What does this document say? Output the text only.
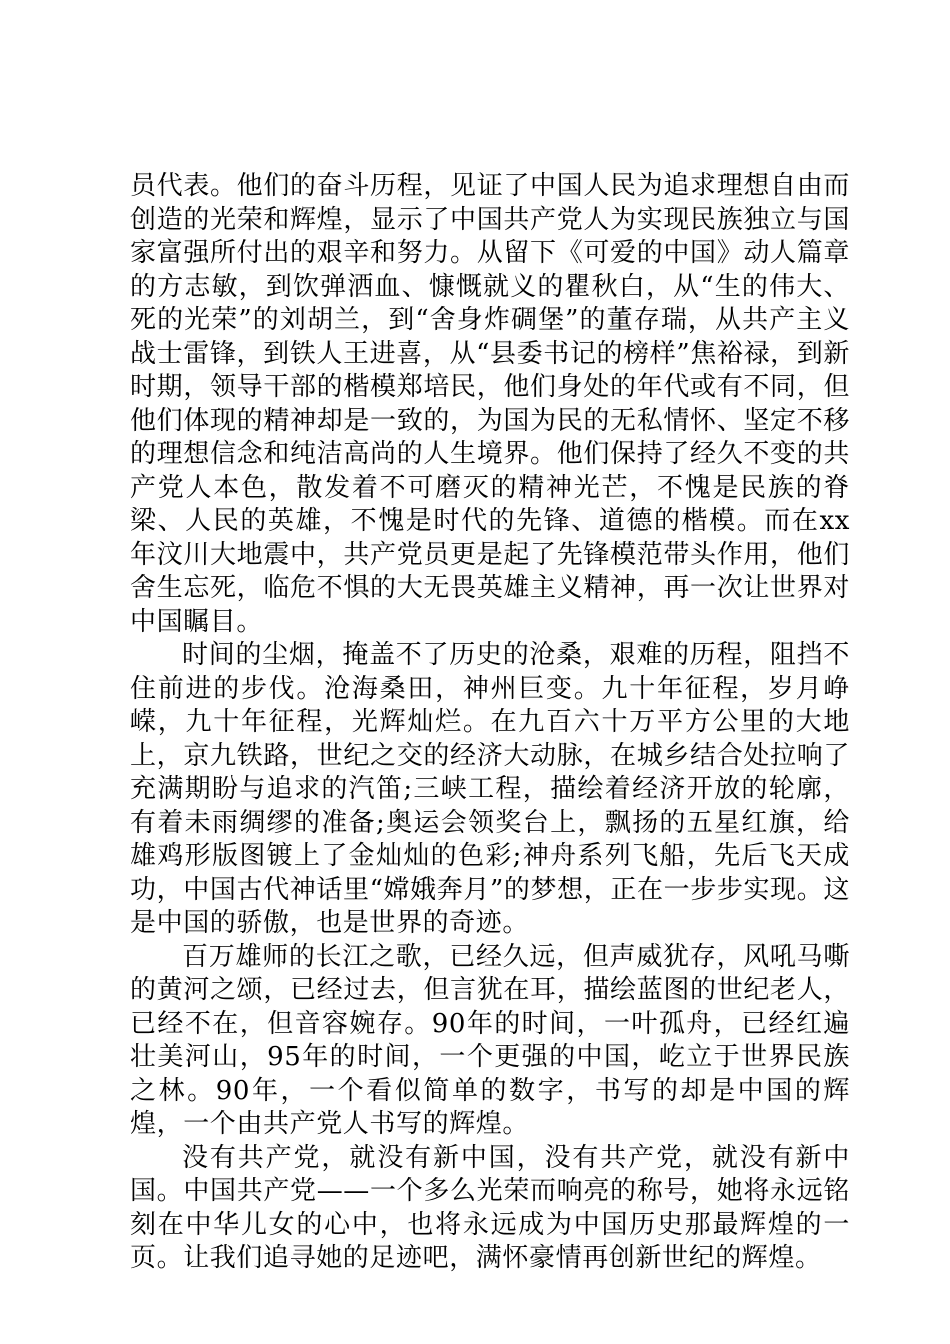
员代表。他们的奋斗历程，见证了中国人民为追求理想自由而创造的光荣和辉煌，显示了中国共产党人为实现民族独立与国家富强所付出的艰辛和努力。从留下《可爱的中国》动人篇章的方志敏，到饮弹洒血、慷慨就义的瞿秋白，从“生的伟大、死的光荣”的刘胡兰，到“舍身炸碉堡”的董存瑞，从共产主义战士雷锋，到铁人王进喜，从“县委书记的榜样”焦裕禄，到新时期，领导干部的楷模郑培民，他们身处的年代或有不同，但他们体现的精神却是一致的，为国为民的无私情怀、坚定不移的理想信念和纯洁高尚的人生境界。他们保持了经久不变的共产党人本色，散发着不可磨灭的精神光芒，不愧是民族的脊梁、人民的英雄，不愧是时代的先锋、道德的楷模。而在xx年汶川大地震中，共产党员更是起了先锋模范带头作用，他们舍生忘死，临危不惧的大无畏英雄主义精神，再一次让世界对中国瞩目。

时间的尘烟，掩盖不了历史的沧桑，艰难的历程，阻挡不住前进的步伐。沧海桑田，神州巨变。九十年征程，岁月峥嵘，九十年征程，光辉灿烂。在九百六十万平方公里的大地上，京九铁路，世纪之交的经济大动脉，在城乡结合处拉响了充满期盼与追求的汽笛;三峡工程，描绘着经济开放的轮廓，有着未雨绸缪的准备;奥运会领奖台上，飘扬的五星红旗，给雄鸡形版图镀上了金灿灿的色彩;神舟系列飞船，先后飞天成功，中国古代神话里“嫦娥奔月”的梦想，正在一步步实现。这是中国的骄傲，也是世界的奇迹。

百万雄师的长江之歌，已经久远，但声威犹存，风吼马嘶的黄河之颂，已经过去，但言犹在耳，描绘蓝图的世纪老人，已经不在，但音容婉存。90年的时间，一叶孤舟，已经红遍壮美河山，95年的时间，一个更强的中国，屹立于世界民族之林。90年，一个看似简单的数字，书写的却是中国的辉煌，一个由共产党人书写的辉煌。

没有共产党，就没有新中国，没有共产党，就没有新中国。中国共产党——一个多么光荣而响亮的称号，她将永远铭刻在中华儿女的心中，也将永远成为中国历史那最辉煌的一页。让我们追寻她的足迹吧，满怀豪情再创新世纪的辉煌。
